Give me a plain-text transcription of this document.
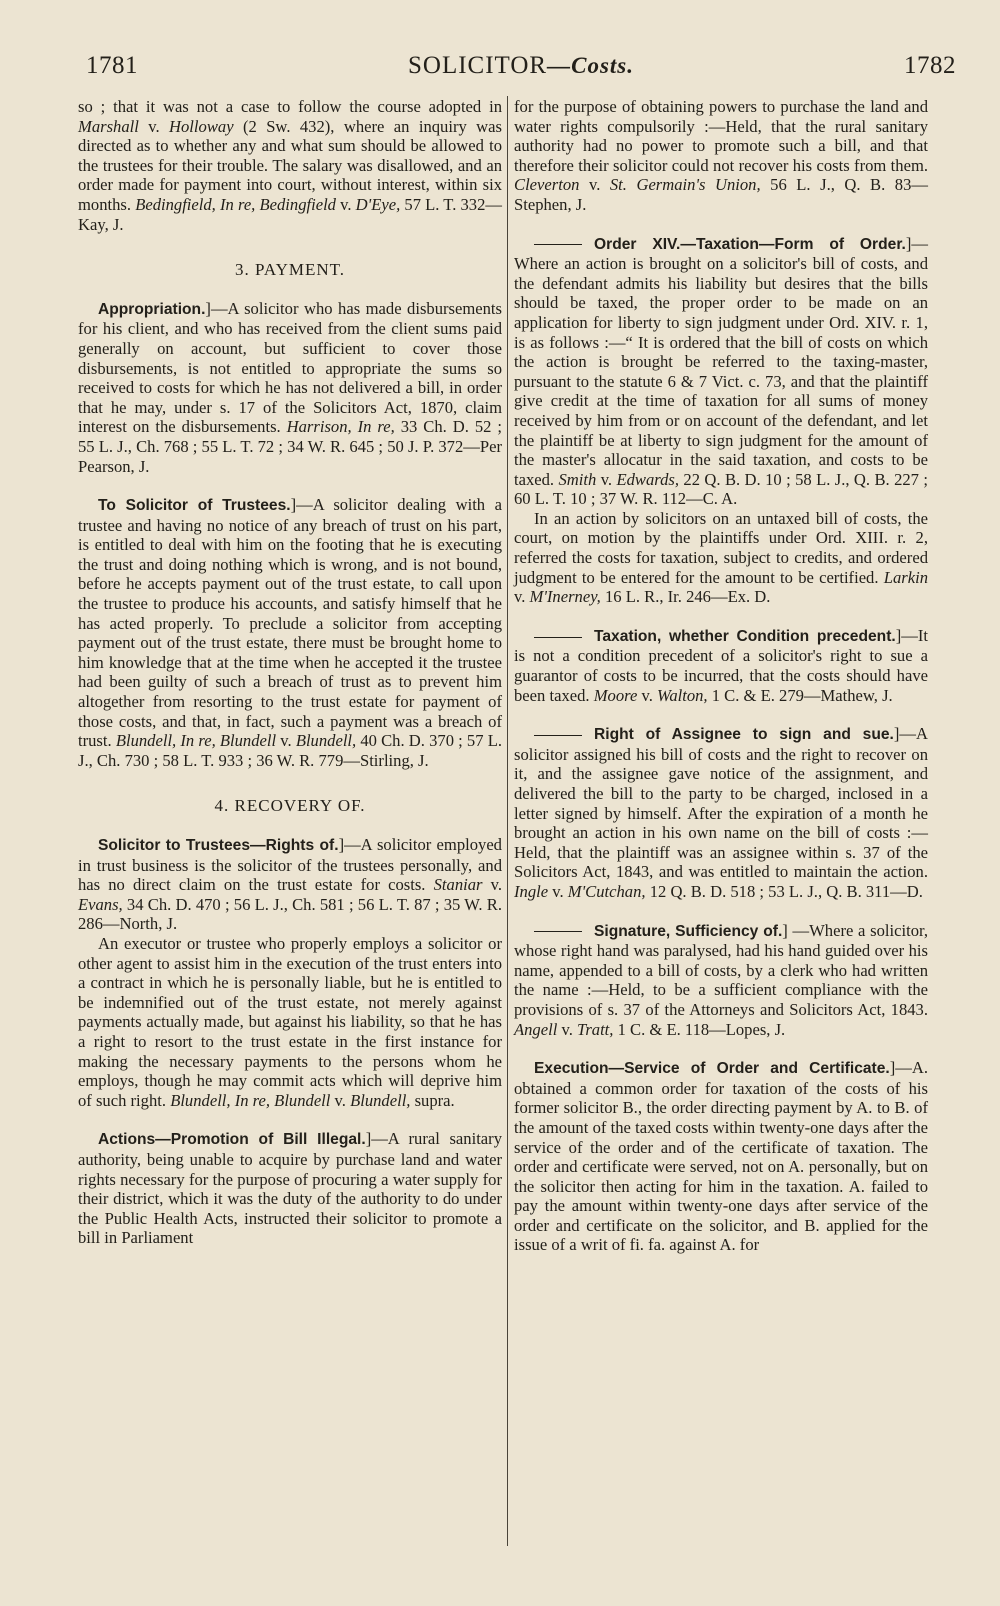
1781	SOLICITOR—Costs.	1782

so ; that it was not a case to follow the course adopted in Marshall v. Holloway (2 Sw. 432), where an inquiry was directed as to whether any and what sum should be allowed to the trustees for their trouble. The salary was disallowed, and an order made for payment into court, without interest, within six months. Bedingfield, In re, Bedingfield v. D'Eye, 57 L. T. 332—Kay, J.

3. PAYMENT.

Appropriation.]—A solicitor who has made disbursements for his client, and who has received from the client sums paid generally on account, but sufficient to cover those disbursements, is not entitled to appropriate the sums so received to costs for which he has not delivered a bill, in order that he may, under s. 17 of the Solicitors Act, 1870, claim interest on the disbursements. Harrison, In re, 33 Ch. D. 52 ; 55 L. J., Ch. 768 ; 55 L. T. 72 ; 34 W. R. 645 ; 50 J. P. 372—Per Pearson, J.

To Solicitor of Trustees.]—A solicitor dealing with a trustee and having no notice of any breach of trust on his part, is entitled to deal with him on the footing that he is executing the trust and doing nothing which is wrong, and is not bound, before he accepts payment out of the trust estate, to call upon the trustee to produce his accounts, and satisfy himself that he has acted properly. To preclude a solicitor from accepting payment out of the trust estate, there must be brought home to him knowledge that at the time when he accepted it the trustee had been guilty of such a breach of trust as to prevent him altogether from resorting to the trust estate for payment of those costs, and that, in fact, such a payment was a breach of trust. Blundell, In re, Blundell v. Blundell, 40 Ch. D. 370 ; 57 L. J., Ch. 730 ; 58 L. T. 933 ; 36 W. R. 779—Stirling, J.

4. RECOVERY OF.

Solicitor to Trustees—Rights of.]—A solicitor employed in trust business is the solicitor of the trustees personally, and has no direct claim on the trust estate for costs. Staniar v. Evans, 34 Ch. D. 470 ; 56 L. J., Ch. 581 ; 56 L. T. 87 ; 35 W. R. 286—North, J.

An executor or trustee who properly employs a solicitor or other agent to assist him in the execution of the trust enters into a contract in which he is personally liable, but he is entitled to be indemnified out of the trust estate, not merely against payments actually made, but against his liability, so that he has a right to resort to the trust estate in the first instance for making the necessary payments to the persons whom he employs, though he may commit acts which will deprive him of such right. Blundell, In re, Blundell v. Blundell, supra.

Actions—Promotion of Bill Illegal.]—A rural sanitary authority, being unable to acquire by purchase land and water rights necessary for the purpose of procuring a water supply for their district, which it was the duty of the authority to do under the Public Health Acts, instructed their solicitor to promote a bill in Parliament

for the purpose of obtaining powers to purchase the land and water rights compulsorily :—Held, that the rural sanitary authority had no power to promote such a bill, and that therefore their solicitor could not recover his costs from them. Cleverton v. St. Germain's Union, 56 L. J., Q. B. 83—Stephen, J.

Order XIV.—Taxation—Form of Order.]—Where an action is brought on a solicitor's bill of costs, and the defendant admits his liability but desires that the bills should be taxed, the proper order to be made on an application for liberty to sign judgment under Ord. XIV. r. 1, is as follows :—“ It is ordered that the bill of costs on which the action is brought be referred to the taxing-master, pursuant to the statute 6 & 7 Vict. c. 73, and that the plaintiff give credit at the time of taxation for all sums of money received by him from or on account of the defendant, and let the plaintiff be at liberty to sign judgment for the amount of the master's allocatur in the said taxation, and costs to be taxed. Smith v. Edwards, 22 Q. B. D. 10 ; 58 L. J., Q. B. 227 ; 60 L. T. 10 ; 37 W. R. 112—C. A.

In an action by solicitors on an untaxed bill of costs, the court, on motion by the plaintiffs under Ord. XIII. r. 2, referred the costs for taxation, subject to credits, and ordered judgment to be entered for the amount to be certified. Larkin v. M'Inerney, 16 L. R., Ir. 246—Ex. D.

Taxation, whether Condition precedent.]—It is not a condition precedent of a solicitor's right to sue a guarantor of costs to be incurred, that the costs should have been taxed. Moore v. Walton, 1 C. & E. 279—Mathew, J.

Right of Assignee to sign and sue.]—A solicitor assigned his bill of costs and the right to recover on it, and the assignee gave notice of the assignment, and delivered the bill to the party to be charged, inclosed in a letter signed by himself. After the expiration of a month he brought an action in his own name on the bill of costs :—Held, that the plaintiff was an assignee within s. 37 of the Solicitors Act, 1843, and was entitled to maintain the action. Ingle v. M'Cutchan, 12 Q. B. D. 518 ; 53 L. J., Q. B. 311—D.

Signature, Sufficiency of.] —Where a solicitor, whose right hand was paralysed, had his hand guided over his name, appended to a bill of costs, by a clerk who had written the name :—Held, to be a sufficient compliance with the provisions of s. 37 of the Attorneys and Solicitors Act, 1843. Angell v. Tratt, 1 C. & E. 118—Lopes, J.

Execution—Service of Order and Certificate.]—A. obtained a common order for taxation of the costs of his former solicitor B., the order directing payment by A. to B. of the amount of the taxed costs within twenty-one days after the service of the order and of the certificate of taxation. The order and certificate were served, not on A. personally, but on the solicitor then acting for him in the taxation. A. failed to pay the amount within twenty-one days after service of the order and certificate on the solicitor, and B. applied for the issue of a writ of fi. fa. against A. for
